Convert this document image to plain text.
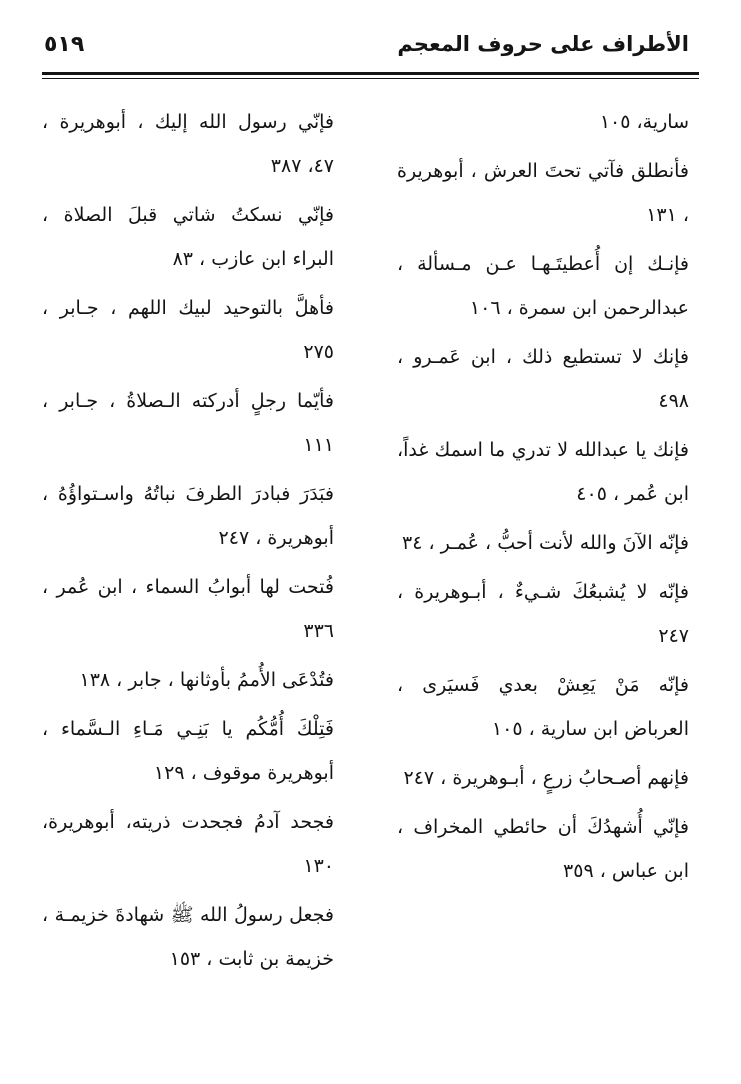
٥١٩	الأطراف على حروف المعجم

سارية، ١٠٥

فأنطلق فآتي تحتَ العرش ، أبوهريرة ، ١٣١

فإنـك إن أُعطيتَـهـا عـن مـسألة ، عبدالرحمن ابن سمرة ، ١٠٦

فإنك لا تستطيع ذلك ، ابن عَمـرو ، ٤٩٨

فإنك يا عبدالله لا تدري ما اسمك غداً، ابن عُمر ، ٤٠٥

فإنّه الآنَ والله لأنت أحبُّ ، عُمـر ، ٣٤

فإنّه لا يُشبعُكَ شـيءٌ ، أبـوهريرة ، ٢٤٧

فإنّه مَنْ يَعِشْ بعدي فَسيَرى ، العرباض ابن سارية ، ١٠٥

فإنهم أصـحابُ زرعٍ ، أبـوهريرة ، ٢٤٧

فإنّي أُشهدُكَ أن حائطي المخراف ، ابن عباس ، ٣٥٩

فإنّي رسول الله إليك ، أبوهريرة ، ٤٧، ٣٨٧

فإنّي نسكتُ شاتي قبلَ الصلاة ، البراء ابن عازب ، ٨٣

فأهلَّ بالتوحيد لبيك اللهم ، جـابر ، ٢٧٥

فأيّما رجلٍ أدركته الـصلاةُ ، جـابر ، ١١١

فبَدَرَ فبادرَ الطرفَ نباتُهُ واسـتواؤُهُ ، أبوهريرة ، ٢٤٧

فُتحت لها أبوابُ السماء ، ابن عُمر ، ٣٣٦

فتُدْعَى الأُممُ بأوثانها ، جابر ، ١٣٨

فَتِلْكَ أُمُّكُم يا بَنِـي مَـاءِ الـسَّماء ، أبوهريرة موقوف ، ١٢٩

فجحد آدمُ فجحدت ذريته، أبوهريرة، ١٣٠

فجعل رسولُ الله ﷺ شهادةَ خزيمـة ، خزيمة بن ثابت ، ١٥٣
